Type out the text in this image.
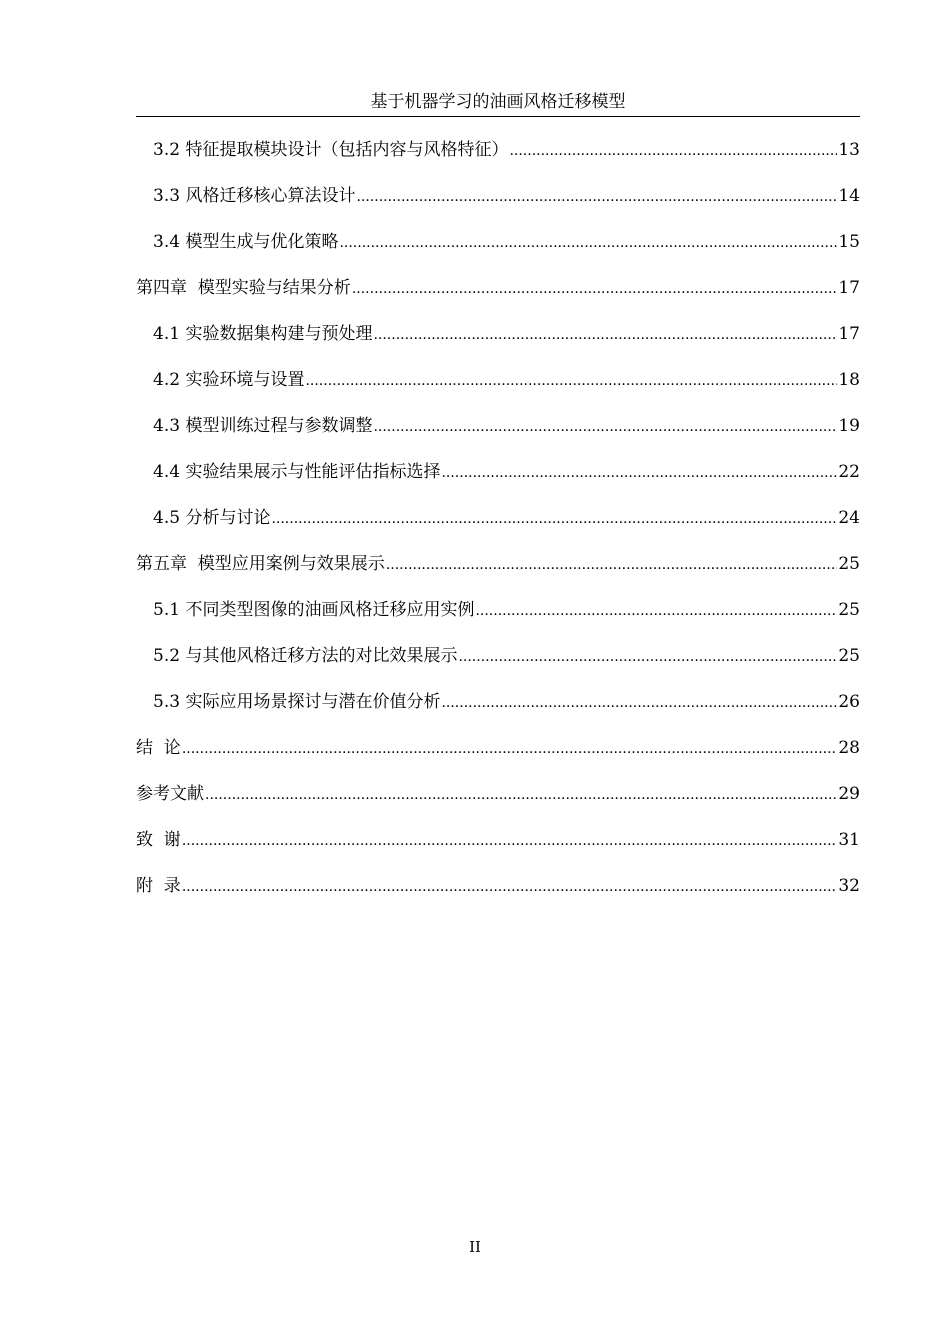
基于机器学习的油画风格迁移模型
3.2 特征提取模块设计（包括内容与风格特征） .....	13
3.3 风格迁移核心算法设计 .....	14
3.4 模型生成与优化策略 .....	15
第四章  模型实验与结果分析 .....	17
4.1 实验数据集构建与预处理 .....	17
4.2 实验环境与设置 .....	18
4.3 模型训练过程与参数调整 .....	19
4.4 实验结果展示与性能评估指标选择 .....	22
4.5 分析与讨论 .....	24
第五章  模型应用案例与效果展示 .....	25
5.1 不同类型图像的油画风格迁移应用实例 .....	25
5.2 与其他风格迁移方法的对比效果展示 .....	25
5.3 实际应用场景探讨与潜在价值分析 .....	26
结  论 .....	28
参考文献 .....	29
致  谢 .....	31
附  录 .....	32
II
